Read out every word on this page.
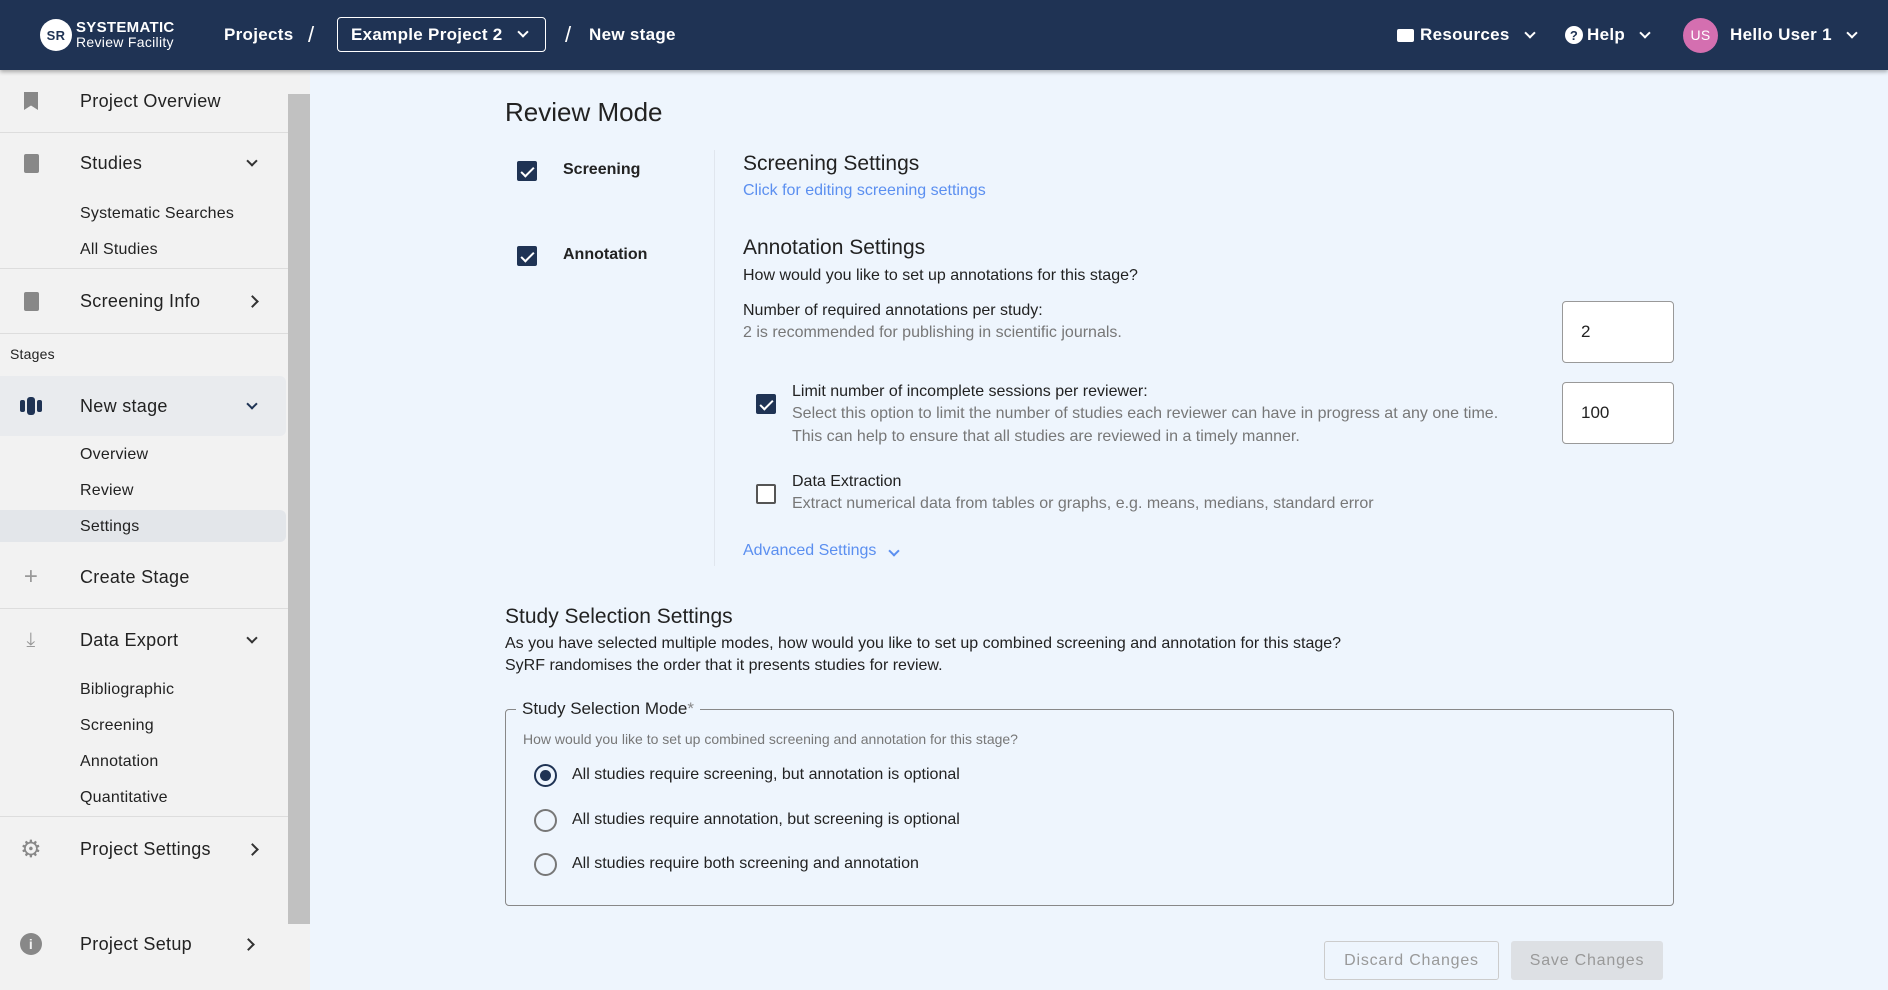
SR SYSTEMATIC
Review Facility	Projects / Example Project 2	/ New stage	Resources	? Help	US	Hello User 1
Project Overview
Studies
Systematic Searches
All Studies
Screening Info
Stages
New stage
Overview
Review
Settings
+ Create Stage
⤓	Data Export
Bibliographic
Screening
Annotation
Quantitative
⚙ Project Settings
i	Project Setup
Review Mode
Screening
Annotation
Screening Settings
Click for editing screening settings
Annotation Settings
How would you like to set up annotations for this stage?
Number of required annotations per study:
2 is recommended for publishing in scientific journals.	2
Limit number of incomplete sessions per reviewer:
Select this option to limit the number of studies each reviewer can have in progress at any one time.
This can help to ensure that all studies are reviewed in a timely manner.
100
Data Extraction
Extract numerical data from tables or graphs, e.g. means, medians, standard error
Advanced Settings
Study Selection Settings
As you have selected multiple modes, how would you like to set up combined screening and annotation for this stage?
SyRF randomises the order that it presents studies for review.
Study Selection Mode*
How would you like to set up combined screening and annotation for this stage?
All studies require screening, but annotation is optional
All studies require annotation, but screening is optional
All studies require both screening and annotation
Discard Changes	Save Changes
